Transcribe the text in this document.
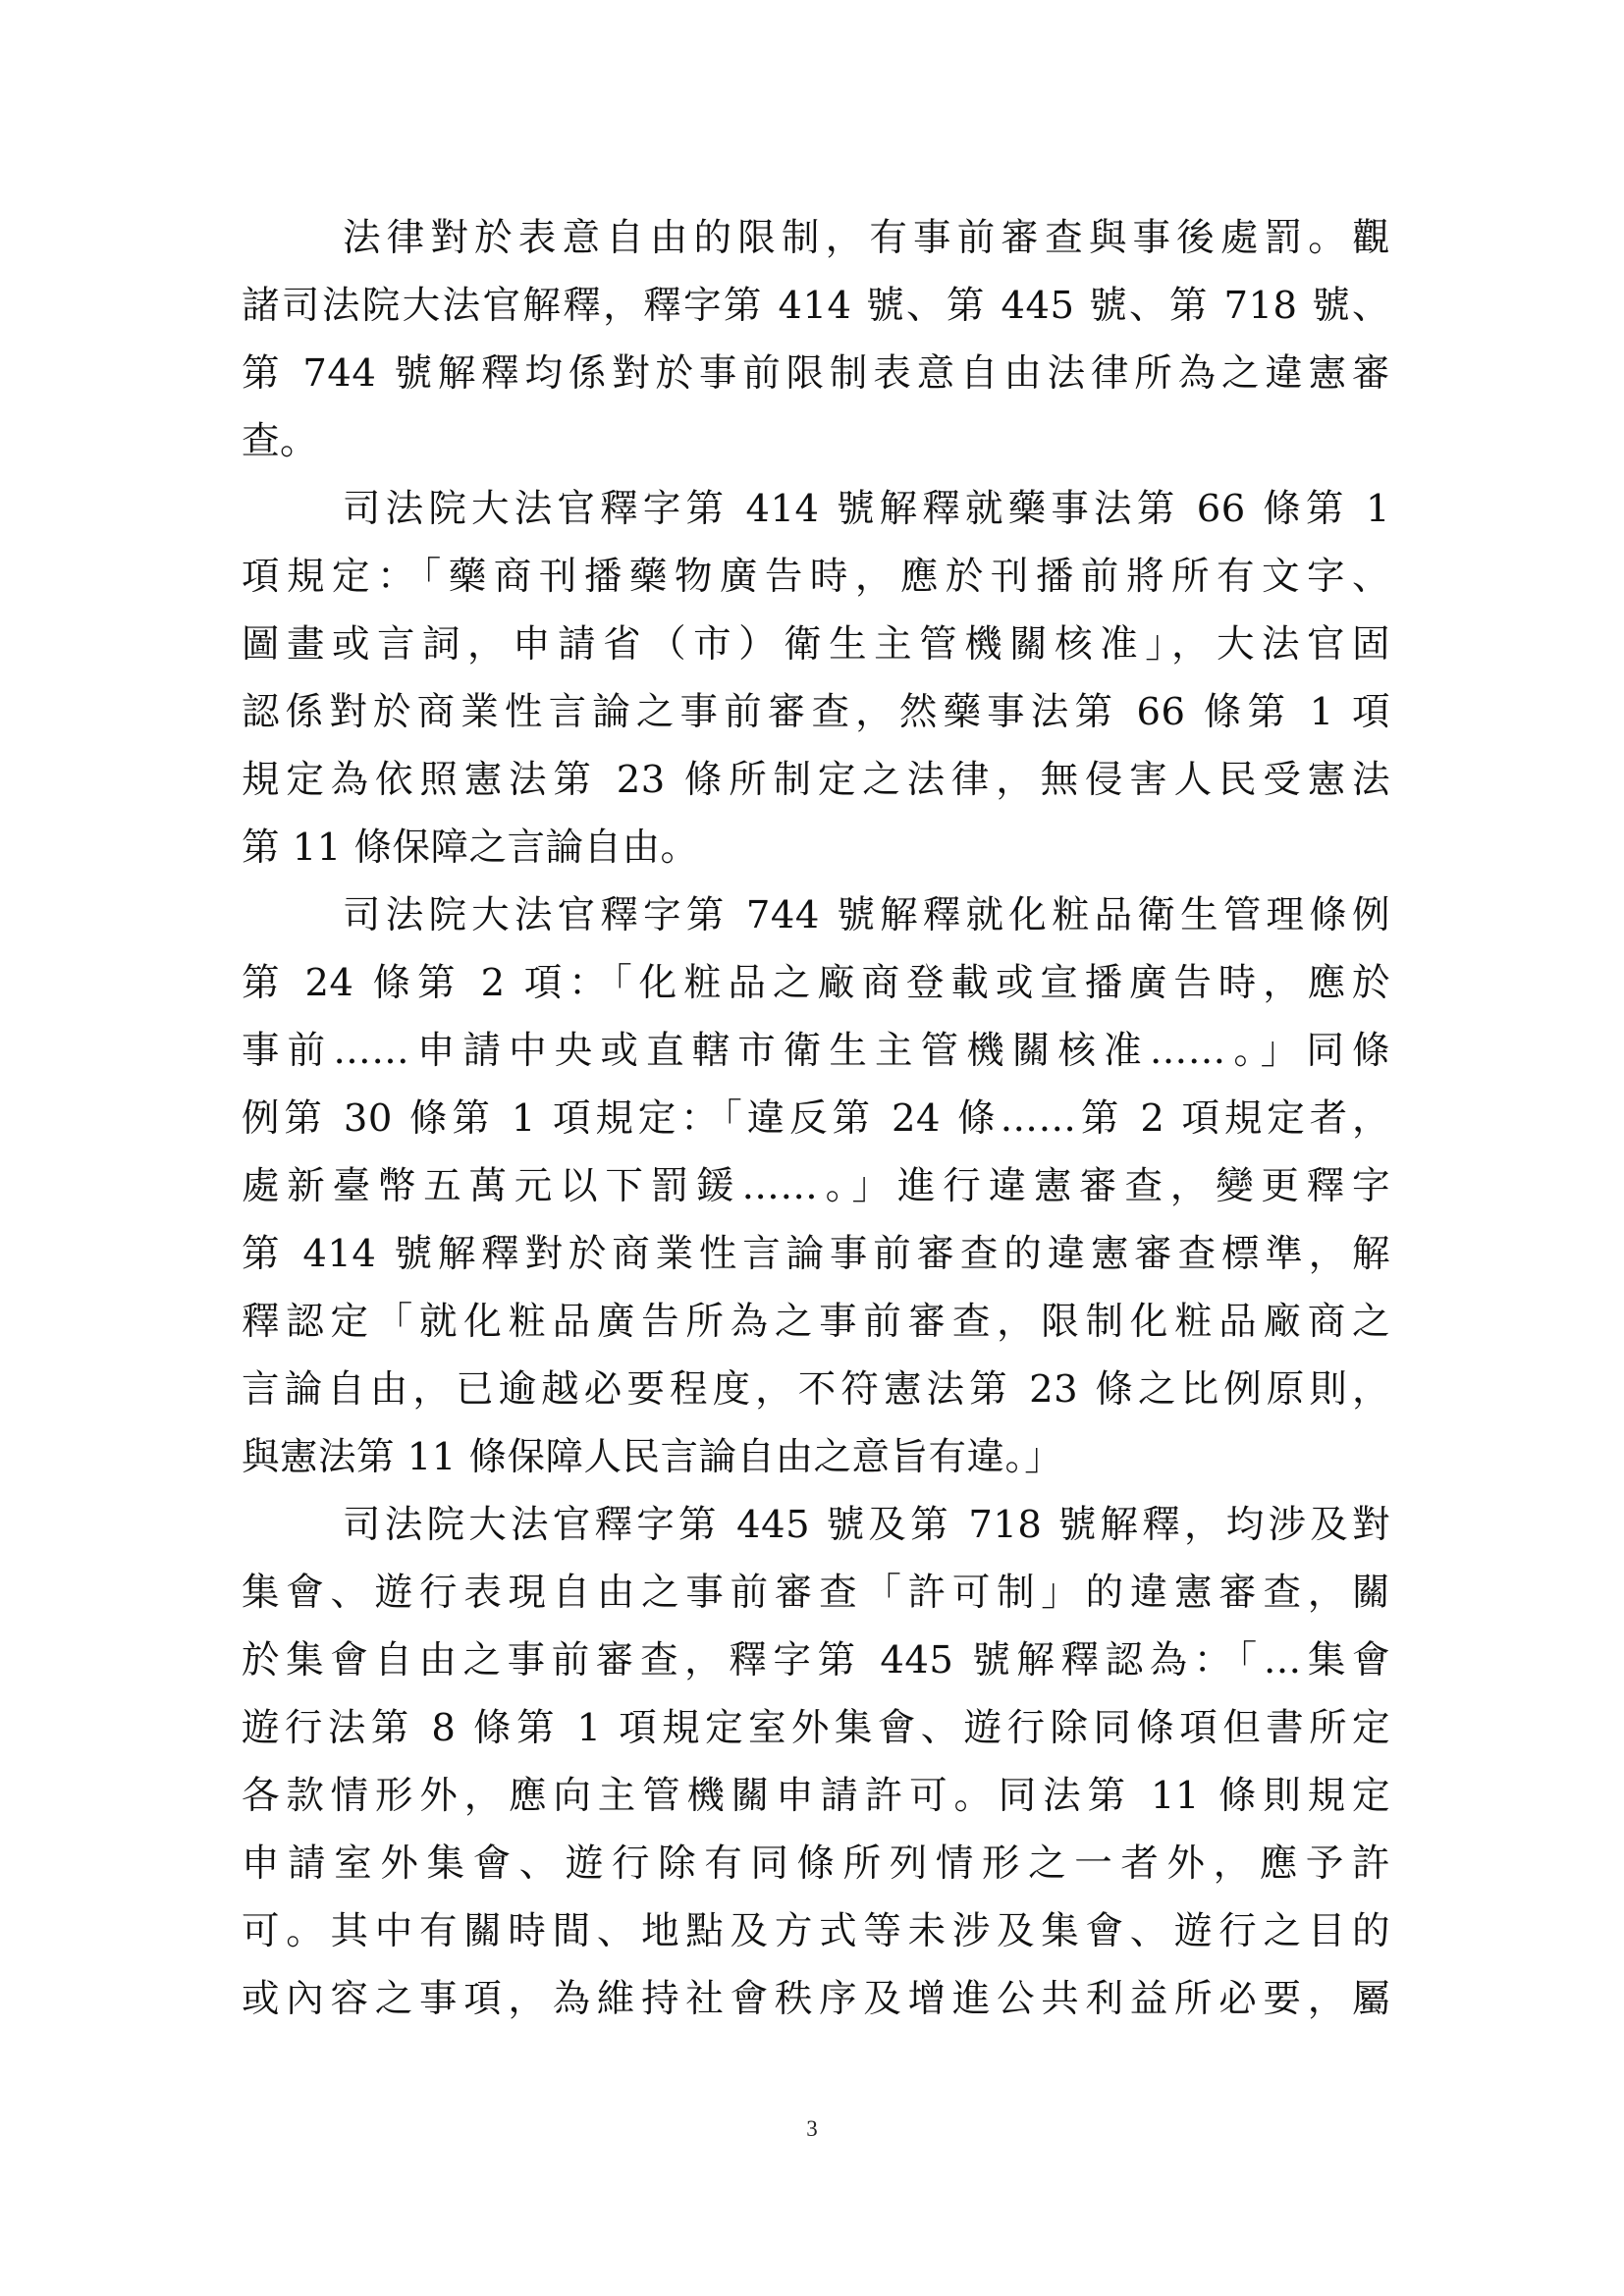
法律對於表意自由的限制，有事前審查與事後處罰。觀
諸司法院大法官解釋，釋字第 414 號、第 445 號、第 718 號、
第 744 號解釋均係對於事前限制表意自由法律所為之違憲審
查。
司法院大法官釋字第 414 號解釋就藥事法第 66 條第 1
項規定：「藥商刊播藥物廣告時，應於刊播前將所有文字、
圖畫或言詞，申請省（市）衛生主管機關核准」，大法官固
認係對於商業性言論之事前審查，然藥事法第 66 條第 1 項
規定為依照憲法第 23 條所制定之法律，無侵害人民受憲法
第 11 條保障之言論自由。
司法院大法官釋字第 744 號解釋就化粧品衛生管理條例
第 24 條第 2 項：「化粧品之廠商登載或宣播廣告時，應於
事前……申請中央或直轄市衛生主管機關核准……。」同條
例第 30 條第 1 項規定：「違反第 24 條……第 2 項規定者，
處新臺幣五萬元以下罰鍰……。」進行違憲審查，變更釋字
第 414 號解釋對於商業性言論事前審查的違憲審查標準，解
釋認定「就化粧品廣告所為之事前審查，限制化粧品廠商之
言論自由，已逾越必要程度，不符憲法第 23 條之比例原則，
與憲法第 11 條保障人民言論自由之意旨有違。」
司法院大法官釋字第 445 號及第 718 號解釋，均涉及對
集會、遊行表現自由之事前審查「許可制」的違憲審查，關
於集會自由之事前審查，釋字第 445 號解釋認為：「…集會
遊行法第 8 條第 1 項規定室外集會、遊行除同條項但書所定
各款情形外，應向主管機關申請許可。同法第 11 條則規定
申請室外集會、遊行除有同條所列情形之一者外，應予許
可。其中有關時間、地點及方式等未涉及集會、遊行之目的
或內容之事項，為維持社會秩序及增進公共利益所必要，屬
3
